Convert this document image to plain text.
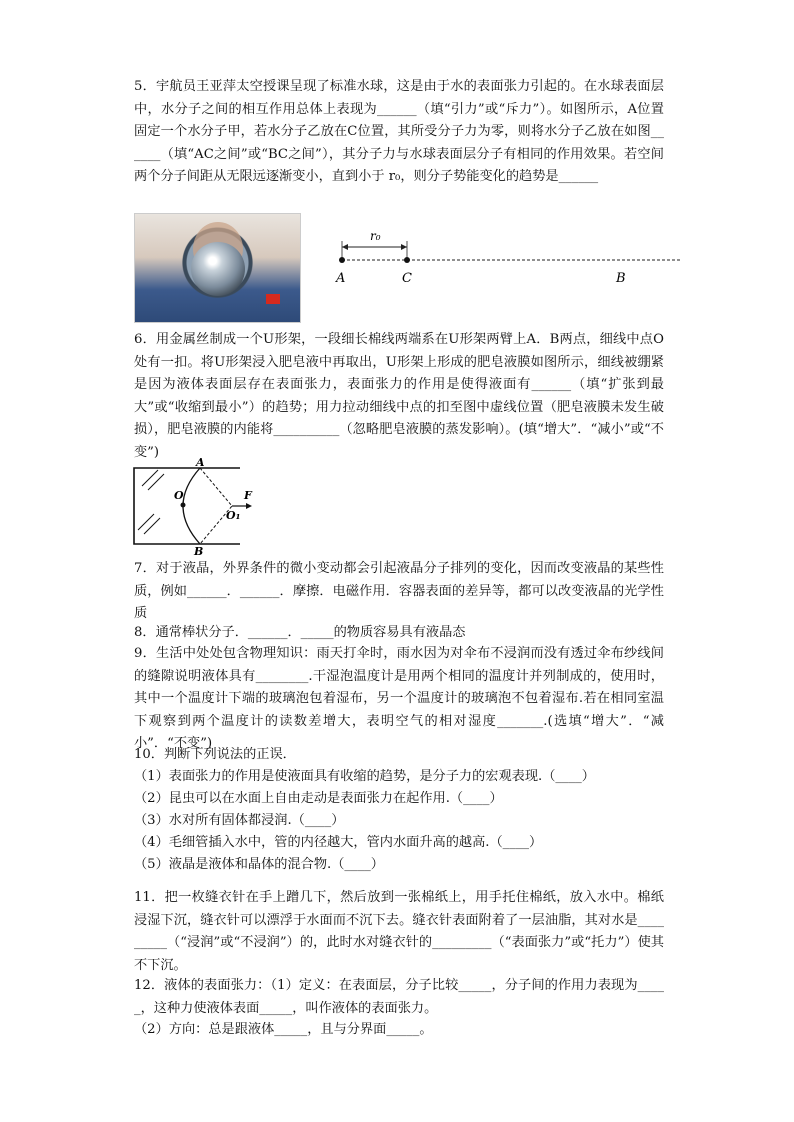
5．宇航员王亚萍太空授课呈现了标准水球，这是由于水的表面张力引起的。在水球表面层中，水分子之间的相互作用总体上表现为______（填“引力”或“斥力”）。如图所示，A位置固定一个水分子甲，若水分子乙放在C位置，其所受分子力为零，则将水分子乙放在如图______（填“AC之间”或“BC之间”），其分子力与水球表面层分子有相同的作用效果。若空间两个分子间距从无限远逐渐变小，直到小于 r₀，则分子势能变化的趋势是______
r₀
A	C	B
6．用金属丝制成一个U形架，一段细长棉线两端系在U形架两臂上A．B两点，细线中点O处有一扣。将U形架浸入肥皂液中再取出，U形架上形成的肥皂液膜如图所示，细线被绷紧是因为液体表面层存在表面张力，表面张力的作用是使得液面有______（填“扩张到最大”或“收缩到最小”）的趋势；用力拉动细线中点的扣至图中虚线位置（肥皂液膜未发生破损），肥皂液膜的内能将__________（忽略肥皂液膜的蒸发影响）。(填“增大”．“减小”或“不变”)
A
B
O
O₁
F
7．对于液晶，外界条件的微小变动都会引起液晶分子排列的变化，因而改变液晶的某些性质，例如______．______．摩擦．电磁作用．容器表面的差异等，都可以改变液晶的光学性质
8．通常棒状分子．______．_____的物质容易具有液晶态
9．生活中处处包含物理知识：雨天打伞时，雨水因为对伞布不浸润而没有透过伞布纱线间的缝隙说明液体具有________.干湿泡温度计是用两个相同的温度计并列制成的，使用时，其中一个温度计下端的玻璃泡包着湿布，另一个温度计的玻璃泡不包着湿布.若在相同室温下观察到两个温度计的读数差增大，表明空气的相对湿度_______.(选填“增大”．“减小”．“不变”)
10．判断下列说法的正误．
（1）表面张力的作用是使液面具有收缩的趋势，是分子力的宏观表现.（____）
（2）昆虫可以在水面上自由走动是表面张力在起作用.（____）
（3）水对所有固体都浸润.（____）
（4）毛细管插入水中，管的内径越大，管内水面升高的越高.（____）
（5）液晶是液体和晶体的混合物.（____）
11．把一枚缝衣针在手上蹭几下，然后放到一张棉纸上，用手托住棉纸，放入水中。棉纸浸湿下沉，缝衣针可以漂浮于水面而不沉下去。缝衣针表面附着了一层油脂，其对水是_________（“浸润”或“不浸润”）的，此时水对缝衣针的_________（“表面张力”或“托力”）使其不下沉。
12．液体的表面张力：（1）定义：在表面层，分子比较_____，分子间的作用力表现为_____，这种力使液体表面_____，叫作液体的表面张力。
（2）方向：总是跟液体_____，且与分界面_____。
